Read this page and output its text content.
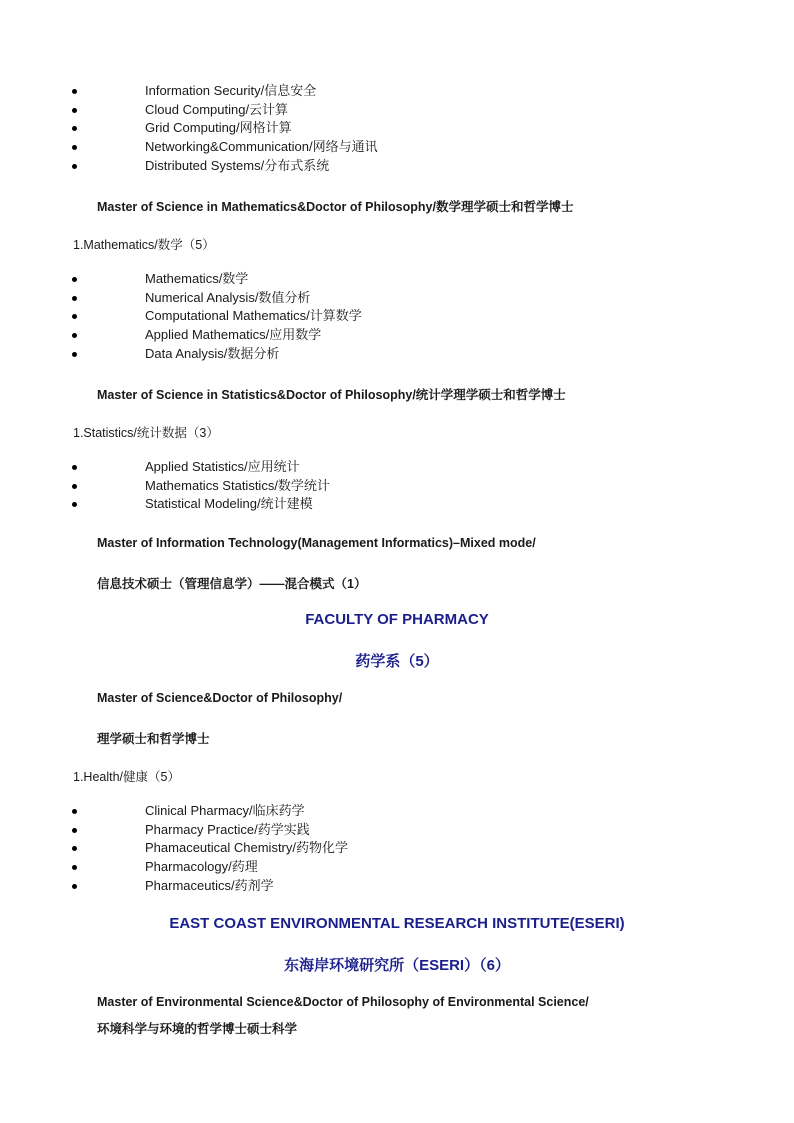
Information Security/信息安全
Cloud Computing/云计算
Grid Computing/网格计算
Networking&Communication/网络与通讯
Distributed Systems/分布式系统
Master of Science in Mathematics&Doctor of Philosophy/数学理学硕士和哲学博士
1.Mathematics/数学（5）
Mathematics/数学
Numerical Analysis/数值分析
Computational Mathematics/计算数学
Applied Mathematics/应用数学
Data Analysis/数据分析
Master of Science in Statistics&Doctor of Philosophy/统计学理学硕士和哲学博士
1.Statistics/统计数据（3）
Applied Statistics/应用统计
Mathematics Statistics/数学统计
Statistical Modeling/统计建模
Master of Information Technology(Management Informatics)–Mixed mode/
信息技术硕士（管理信息学）——混合模式（1）
FACULTY OF PHARMACY
药学系（5）
Master of Science&Doctor of Philosophy/
理学硕士和哲学博士
1.Health/健康（5）
Clinical Pharmacy/临床药学
Pharmacy Practice/药学实践
Phamaceutical Chemistry/药物化学
Pharmacology/药理
Pharmaceutics/药剂学
EAST COAST ENVIRONMENTAL RESEARCH INSTITUTE(ESERI)
东海岸环境研究所（ESERI）（6）
Master of Environmental Science&Doctor of Philosophy of Environmental Science/
环境科学与环境的哲学博士硕士科学
